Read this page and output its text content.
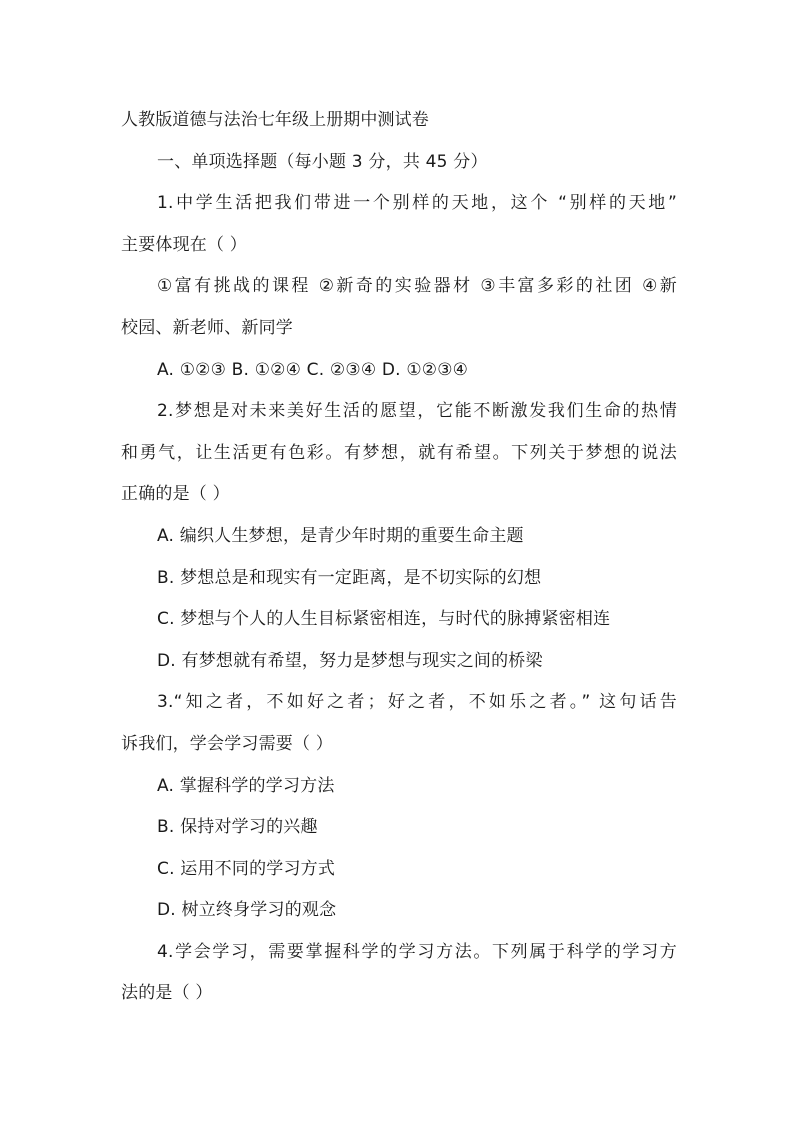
人教版道德与法治七年级上册期中测试卷
一、单项选择题（每小题 3 分，共 45 分）
1.中学生活把我们带进一个别样的天地，这个 “别样的天地”
主要体现在（ ）
①富有挑战的课程 ②新奇的实验器材 ③丰富多彩的社团 ④新
校园、新老师、新同学
A. ①②③ B. ①②④ C. ②③④ D. ①②③④
2.梦想是对未来美好生活的愿望，它能不断激发我们生命的热情
和勇气，让生活更有色彩。有梦想，就有希望。下列关于梦想的说法
正确的是（ ）
A. 编织人生梦想，是青少年时期的重要生命主题
B. 梦想总是和现实有一定距离，是不切实际的幻想
C. 梦想与个人的人生目标紧密相连，与时代的脉搏紧密相连
D. 有梦想就有希望，努力是梦想与现实之间的桥梁
3.“知之者，不如好之者；好之者，不如乐之者。” 这句话告
诉我们，学会学习需要（ ）
A. 掌握科学的学习方法
B. 保持对学习的兴趣
C. 运用不同的学习方式
D. 树立终身学习的观念
4.学会学习，需要掌握科学的学习方法。下列属于科学的学习方
法的是（ ）
